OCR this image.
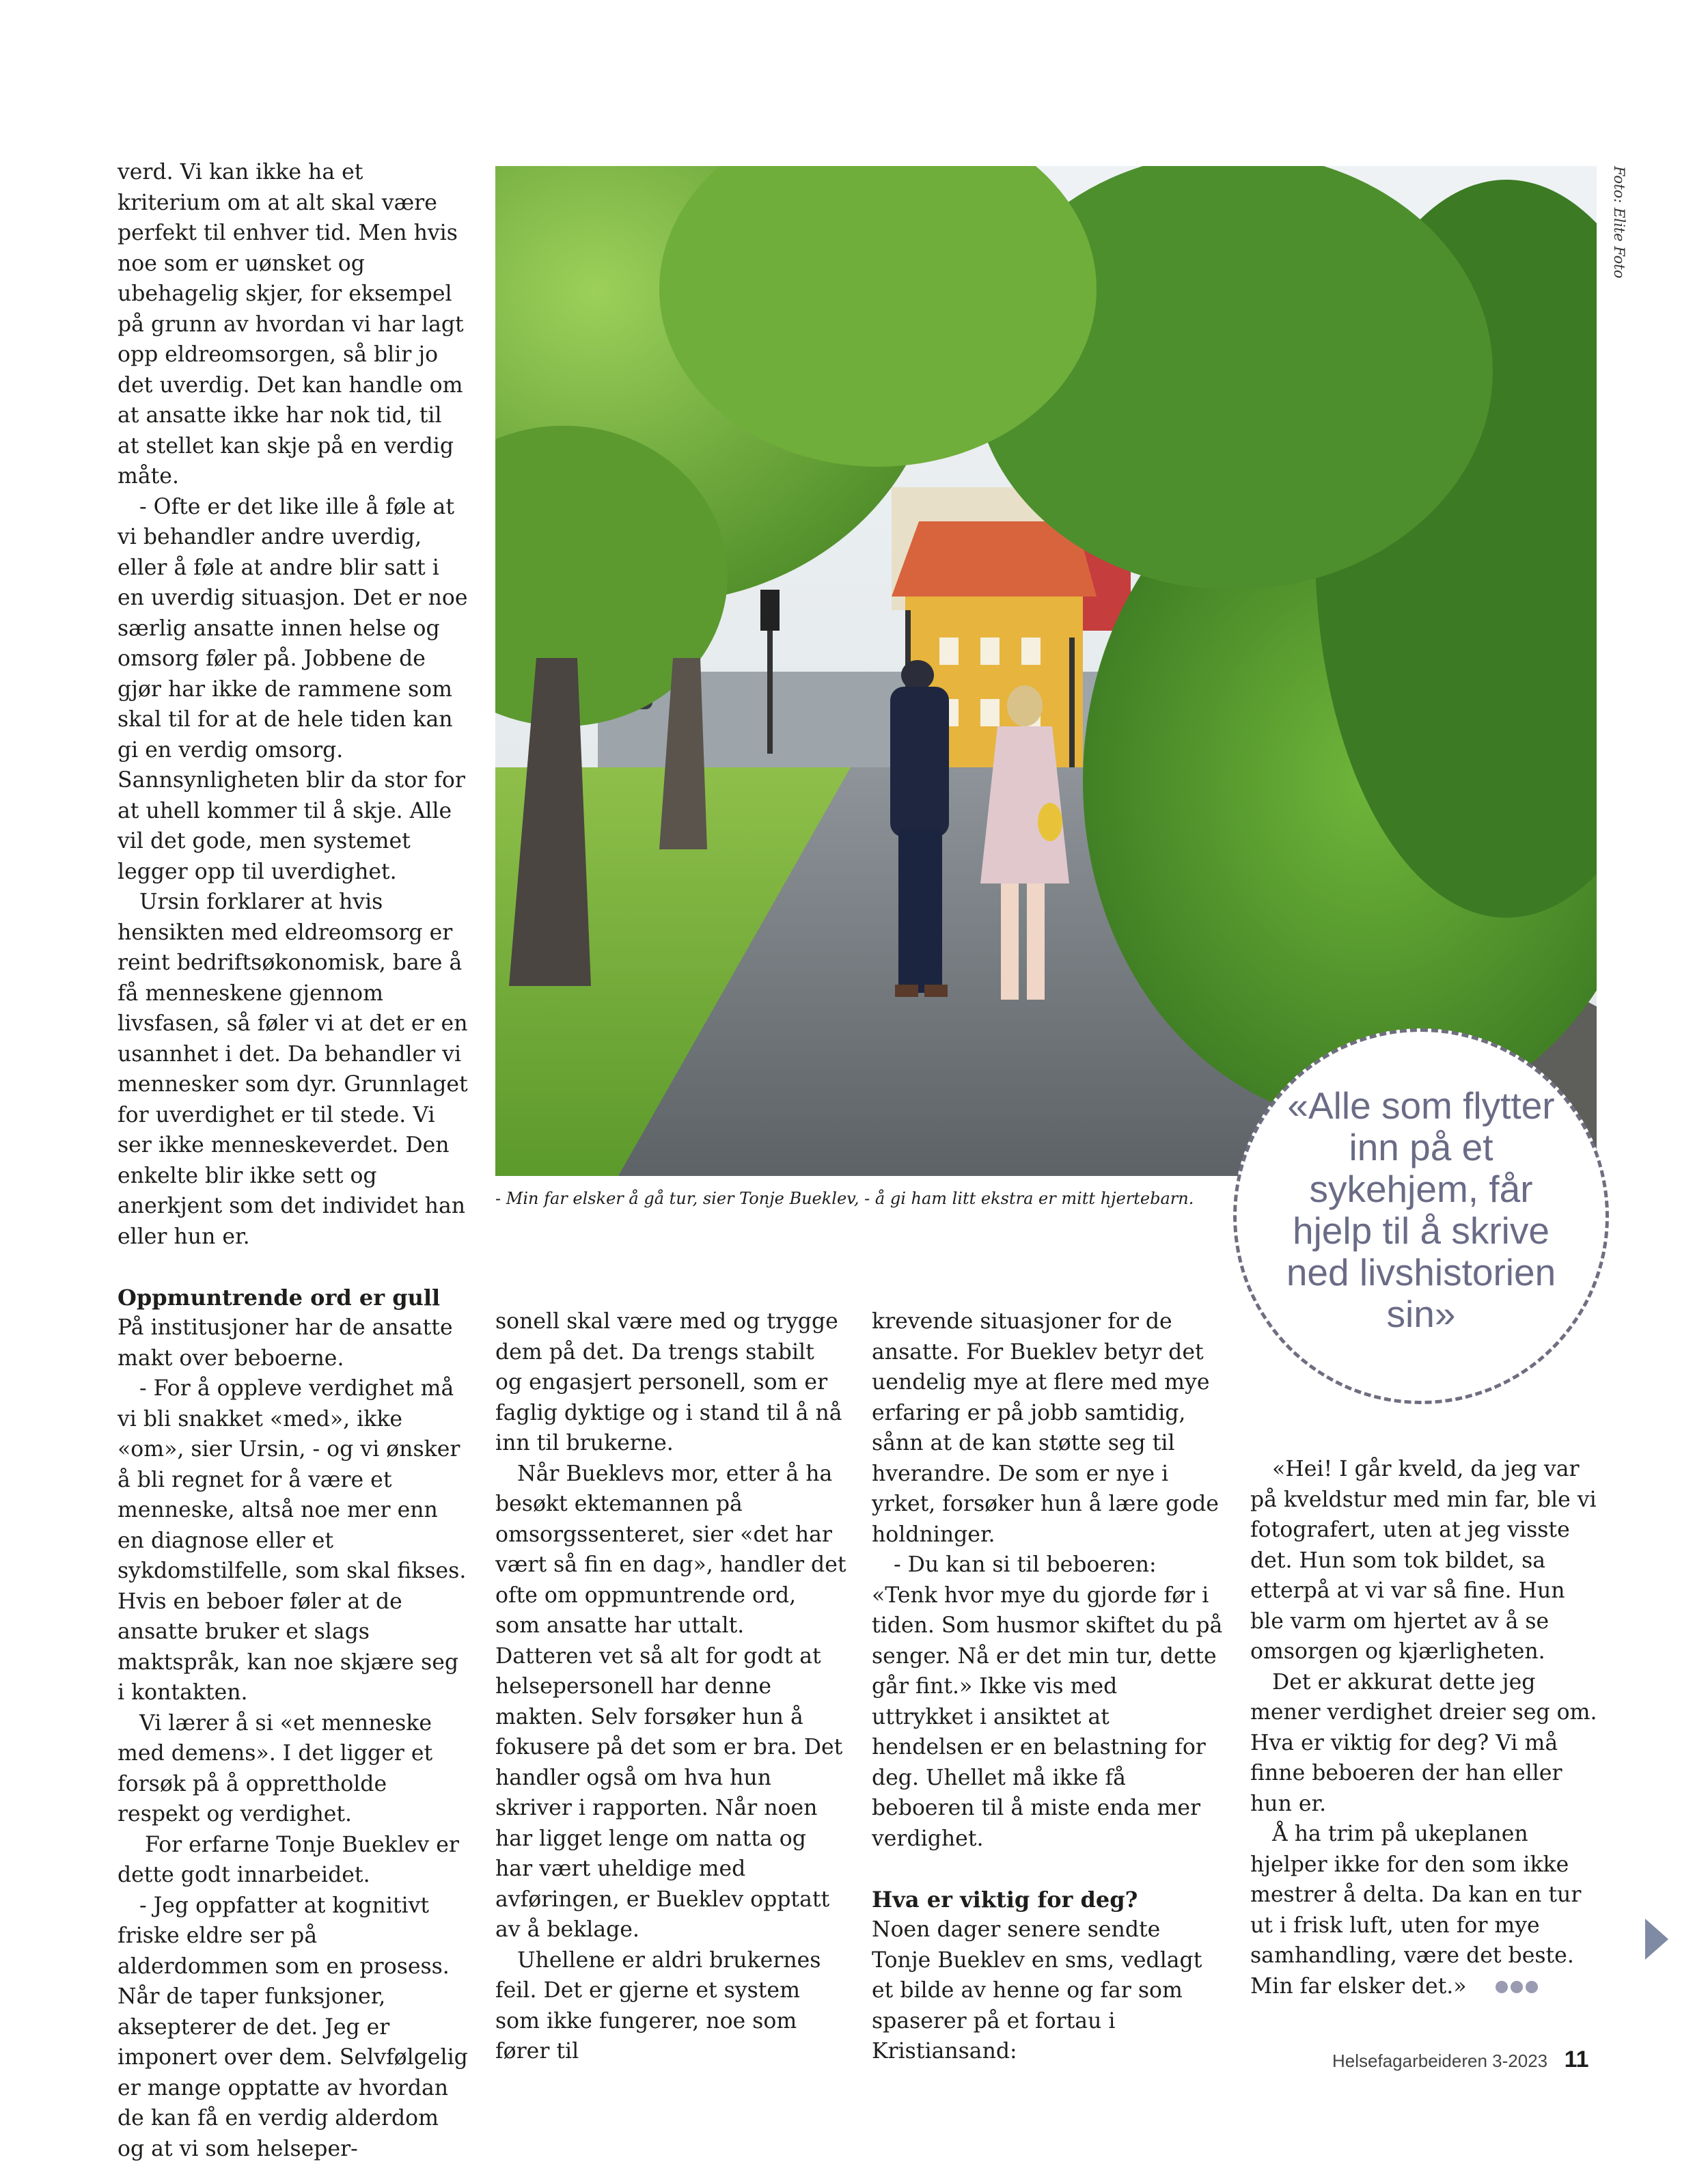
verd. Vi kan ikke ha et kriterium om at alt skal være perfekt til enhver tid. Men hvis noe som er uønsket og ubehagelig skjer, for eksempel på grunn av hvordan vi har lagt opp eldreomsorgen, så blir jo det uverdig. Det kan handle om at ansatte ikke har nok tid, til at stellet kan skje på en verdig måte.

- Ofte er det like ille å føle at vi behandler andre uverdig, eller å føle at andre blir satt i en uverdig situasjon. Det er noe særlig ansatte innen helse og omsorg føler på. Jobbene de gjør har ikke de rammene som skal til for at de hele tiden kan gi en verdig omsorg. Sannsynligheten blir da stor for at uhell kommer til å skje. Alle vil det gode, men systemet legger opp til uverdighet.

Ursin forklarer at hvis hensikten med eldreomsorg er reint bedriftsøkonomisk, bare å få menneskene gjennom livsfasen, så føler vi at det er en usannhet i det. Da behandler vi mennesker som dyr. Grunnlaget for uverdighet er til stede. Vi ser ikke menneskeverdet. Den enkelte blir ikke sett og anerkjent som det individet han eller hun er.

Oppmuntrende ord er gull

På institusjoner har de ansatte makt over beboerne.

- For å oppleve verdighet må vi bli snakket «med», ikke «om», sier Ursin, - og vi ønsker å bli regnet for å være et menneske, altså noe mer enn en diagnose eller et sykdomstilfelle, som skal fikses. Hvis en beboer føler at de ansatte bruker et slags maktspråk, kan noe skjære seg i kontakten.

Vi lærer å si «et menneske med demens». I det ligger et forsøk på å opprettholde respekt og verdighet.

For erfarne Tonje Bueklev er dette godt innarbeidet.

- Jeg oppfatter at kognitivt friske eldre ser på alderdommen som en prosess. Når de taper funksjoner, aksepterer de det. Jeg er imponert over dem. Selvfølgelig er mange opptatte av hvordan de kan få en verdig alderdom og at vi som helseper-

Foto: Elite Foto
- Min far elsker å gå tur, sier Tonje Bueklev, - å gi ham litt ekstra er mitt hjertebarn.
«Alle som flytter inn på et sykehjem, får hjelp til å skrive ned livshistorien sin»

sonell skal være med og trygge dem på det. Da trengs stabilt og engasjert personell, som er faglig dyktige og i stand til å nå inn til brukerne.

Når Bueklevs mor, etter å ha besøkt ektemannen på omsorgssenteret, sier «det har vært så fin en dag», handler det ofte om oppmuntrende ord, som ansatte har uttalt. Datteren vet så alt for godt at helsepersonell har denne makten. Selv forsøker hun å fokusere på det som er bra. Det handler også om hva hun skriver i rapporten. Når noen har ligget lenge om natta og har vært uheldige med avføringen, er Bueklev opptatt av å beklage.

Uhellene er aldri brukernes feil. Det er gjerne et system som ikke fungerer, noe som fører til

krevende situasjoner for de ansatte. For Bueklev betyr det uendelig mye at flere med mye erfaring er på jobb samtidig, sånn at de kan støtte seg til hverandre. De som er nye i yrket, forsøker hun å lære gode holdninger.

- Du kan si til beboeren: «Tenk hvor mye du gjorde før i tiden. Som husmor skiftet du på senger. Nå er det min tur, dette går fint.» Ikke vis med uttrykket i ansiktet at hendelsen er en belastning for deg. Uhellet må ikke få beboeren til å miste enda mer verdighet.

Hva er viktig for deg?

Noen dager senere sendte Tonje Bueklev en sms, vedlagt et bilde av henne og far som spaserer på et fortau i Kristiansand:

«Hei! I går kveld, da jeg var på kveldstur med min far, ble vi fotografert, uten at jeg visste det. Hun som tok bildet, sa etterpå at vi var så fine. Hun ble varm om hjertet av å se omsorgen og kjærligheten.

Det er akkurat dette jeg mener verdighet dreier seg om. Hva er viktig for deg? Vi må finne beboeren der han eller hun er.

Å ha trim på ukeplanen hjelper ikke for den som ikke mestrer å delta. Da kan en tur ut i frisk luft, uten for mye samhandling, være det beste. Min far elsker det.»

Helsefagarbeideren 3-2023 11
